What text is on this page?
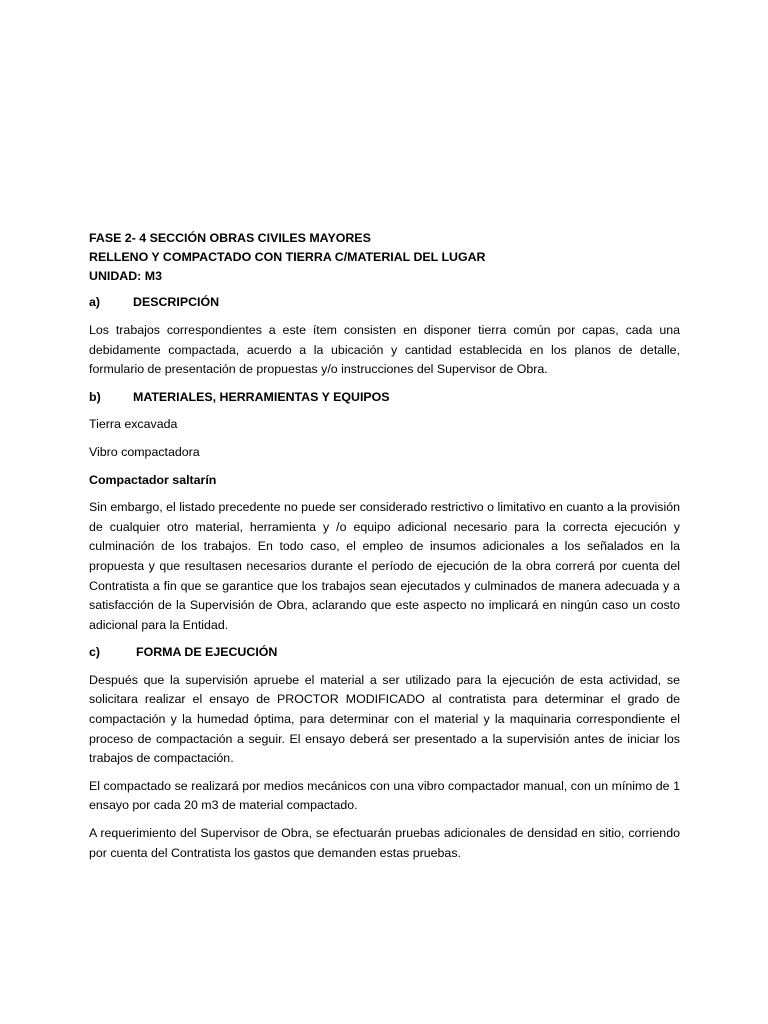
FASE 2- 4 SECCIÓN OBRAS CIVILES MAYORES

RELLENO Y COMPACTADO CON TIERRA C/MATERIAL DEL LUGAR

UNIDAD: M3

a)	DESCRIPCIÓN

Los trabajos correspondientes a este ítem consisten en disponer tierra común por capas, cada una debidamente compactada, acuerdo a la ubicación y cantidad establecida en los planos de detalle, formulario de presentación de propuestas y/o instrucciones del Supervisor de Obra.

b)	MATERIALES, HERRAMIENTAS Y EQUIPOS

Tierra excavada

Vibro compactadora

Compactador saltarín

Sin embargo, el listado precedente no puede ser considerado restrictivo o limitativo en cuanto a la provisión de cualquier otro material, herramienta y /o equipo adicional necesario para la correcta ejecución y culminación de los trabajos. En todo caso, el empleo de insumos adicionales a los señalados en la propuesta y que resultasen necesarios durante el período de ejecución de la obra correrá por cuenta del Contratista a fin que se garantice que los trabajos sean ejecutados y culminados de manera adecuada y a satisfacción de la Supervisión de Obra, aclarando que este aspecto no implicará en ningún caso un costo adicional para la Entidad.

c)	FORMA DE EJECUCIÓN

Después que la supervisión apruebe el material a ser utilizado para la ejecución de esta actividad, se solicitara realizar el ensayo de PROCTOR MODIFICADO al contratista para determinar el grado de compactación y la humedad óptima, para determinar con el material y la maquinaria correspondiente el proceso de compactación a seguir. El ensayo deberá ser presentado a la supervisión antes de iniciar los trabajos de compactación.

El compactado se realizará por medios mecánicos con una vibro compactador manual, con un mínimo de 1 ensayo por cada 20 m3 de material compactado.

A requerimiento del Supervisor de Obra, se efectuarán pruebas adicionales de densidad en sitio, corriendo por cuenta del Contratista los gastos que demanden estas pruebas.
